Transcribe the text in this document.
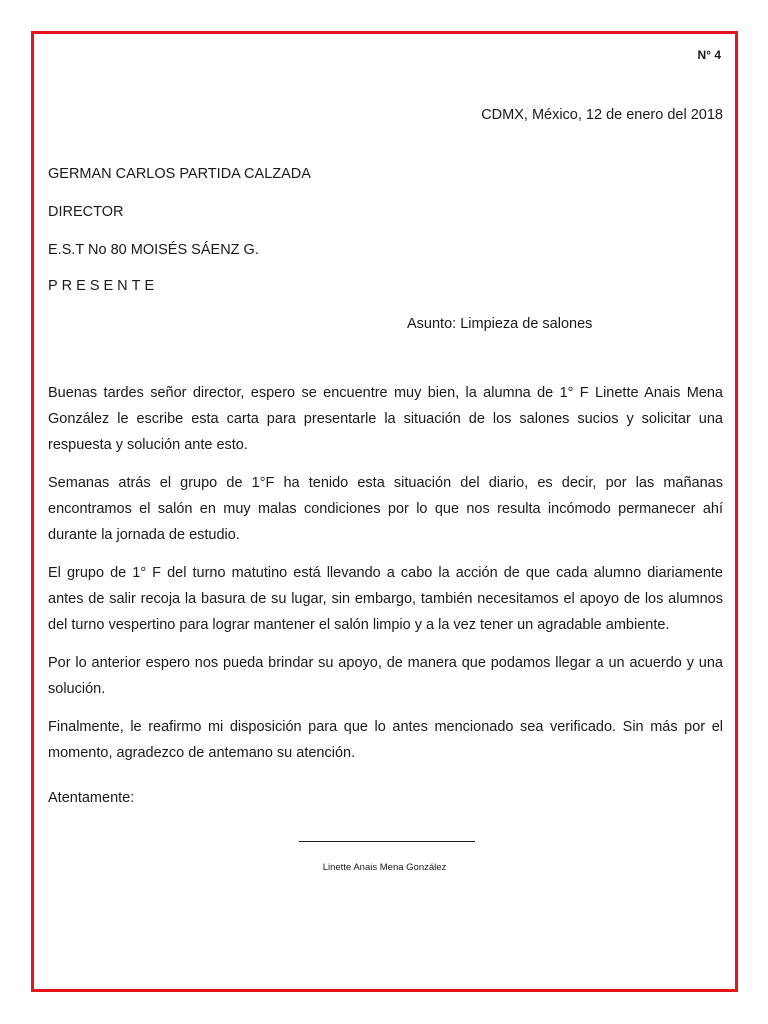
N° 4
CDMX, México, 12 de enero del 2018
GERMAN CARLOS PARTIDA CALZADA
DIRECTOR
E.S.T No 80 MOISÉS SÁENZ G.
PRESENTE
Asunto: Limpieza de salones

Buenas tardes señor director, espero se encuentre muy bien, la alumna de 1° F Linette Anais Mena González le escribe esta carta para presentarle la situación de los salones sucios y solicitar una respuesta y solución ante esto.

Semanas atrás el grupo de 1°F ha tenido esta situación del diario, es decir, por las mañanas encontramos el salón en muy malas condiciones por lo que nos resulta incómodo permanecer ahí durante la jornada de estudio.

El grupo de 1° F del turno matutino está llevando a cabo la acción de que cada alumno diariamente antes de salir recoja la basura de su lugar, sin embargo, también necesitamos el apoyo de los alumnos del turno vespertino para lograr mantener el salón limpio y a la vez tener un agradable ambiente.

Por lo anterior espero nos pueda brindar su apoyo, de manera que podamos llegar a un acuerdo y una solución.

Finalmente, le reafirmo mi disposición para que lo antes mencionado sea verificado. Sin más por el momento, agradezco de antemano su atención.

Atentamente:
Linette Anais Mena González
